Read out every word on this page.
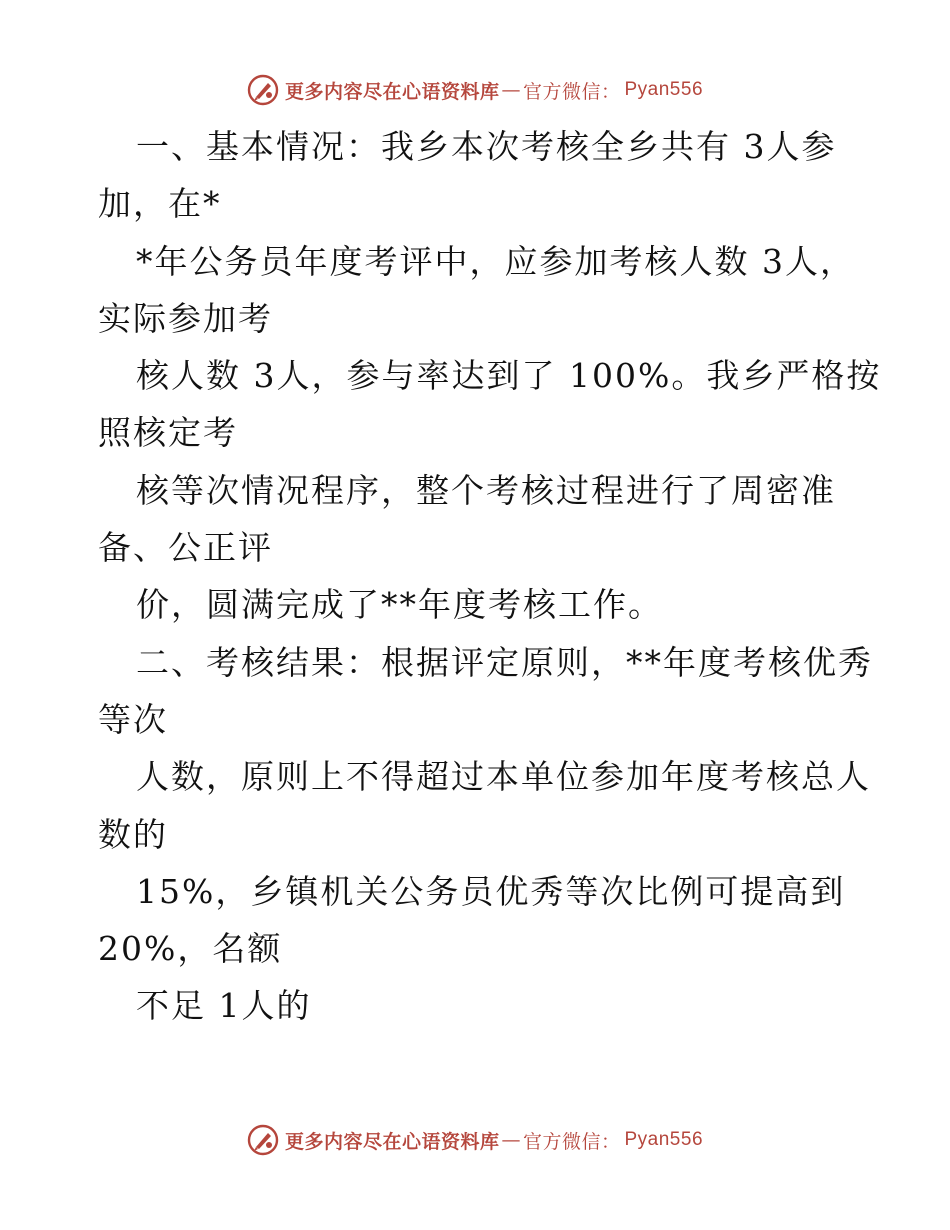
更多内容尽在心语资料库 — 官方微信： Pyan556
一、基本情况：我乡本次考核全乡共有 3人参
加，在*
*年公务员年度考评中，应参加考核人数 3人，
实际参加考
核人数 3人，参与率达到了 100%。我乡严格按
照核定考
核等次情况程序，整个考核过程进行了周密准
备、公正评
价，圆满完成了**年度考核工作。
二、考核结果：根据评定原则，**年度考核优秀
等次
人数，原则上不得超过本单位参加年度考核总人
数的
15%，乡镇机关公务员优秀等次比例可提高到
20%，名额
不足 1人的
更多内容尽在心语资料库 — 官方微信： Pyan556
